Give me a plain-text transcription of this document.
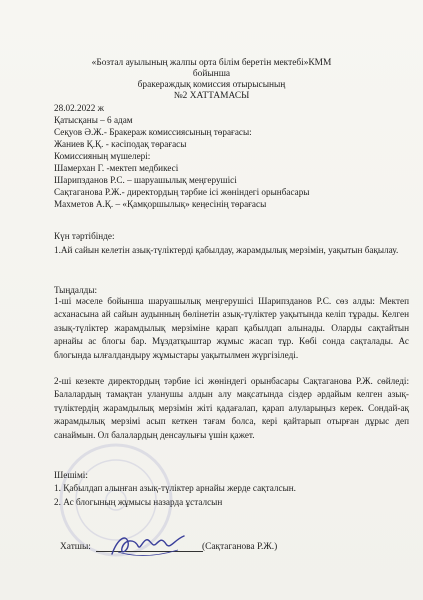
«Бозтал ауылының жалпы орта білім беретін мектебі»КММ
бойынша
бракераждық комиссия отырысының
№2 ХАТТАМАСЫ
28.02.2022 ж
Қатысқаны – 6 адам
Сеқуов Ә.Ж.- Бракераж комиссиясының төрағасы:
Жаниев Қ.Қ. - кәсіподақ төрағасы
Комиссияның мүшелері:
Шамерхан Г. -мектеп медбикесі
Шарипзданов Р.С. – шаруашылық меңгерушісі
Сақтаганова Р.Ж.- директордың тәрбие ісі жөніндегі орынбасары
Махметов А.Қ. – «Қамқоршылық» кеңесінің төрағасы
Күн тәртібінде:
1.Ай сайын келетін азық-түліктерді қабылдау, жарамдылық мерзімін, уақытын бақылау.
Тыңдалды:
1-ші мәселе бойынша шаруашылық меңгерушісі Шарипзданов Р.С. сөз алды: Мектеп асханасына ай сайын аудынның бөлінетін азық-түліктер уақытында келіп тұрады. Келген азық-түліктер жарамдылық мерзіміне қарап қабылдап алынады. Оларды сақтайтын арнайы ас блогы бар. Мұздатқыштар жұмыс жасап тұр. Көбі сонда сақталады. Ас блогында ылғалдандыру жұмыстары уақытылмен жүргізіледі.
2-ші кезекте директордың тәрбие ісі жөніндегі орынбасары Сақтаганова Р.Ж. сөйледі: Балалардың тамақтан уланушы алдын алу мақсатында сіздер әрдайым келген азық-түліктердің жарамдылық мерзімін жіті қадағалап, қарап алуларыңыз керек. Сондай-ақ жарамдылық мерзімі асып кеткен тағам болса, кері қайтарып отырған дұрыс деп санаймын. Ол балалардың денсаулығы үшін қажет.
Шешімі:
1. Қабылдап алынған азық-түліктер арнайы жерде сақталсын.
2. Ас блогының жұмысы назарда ұсталсын
Хатшы:	(Сақтаганова Р.Ж.)
